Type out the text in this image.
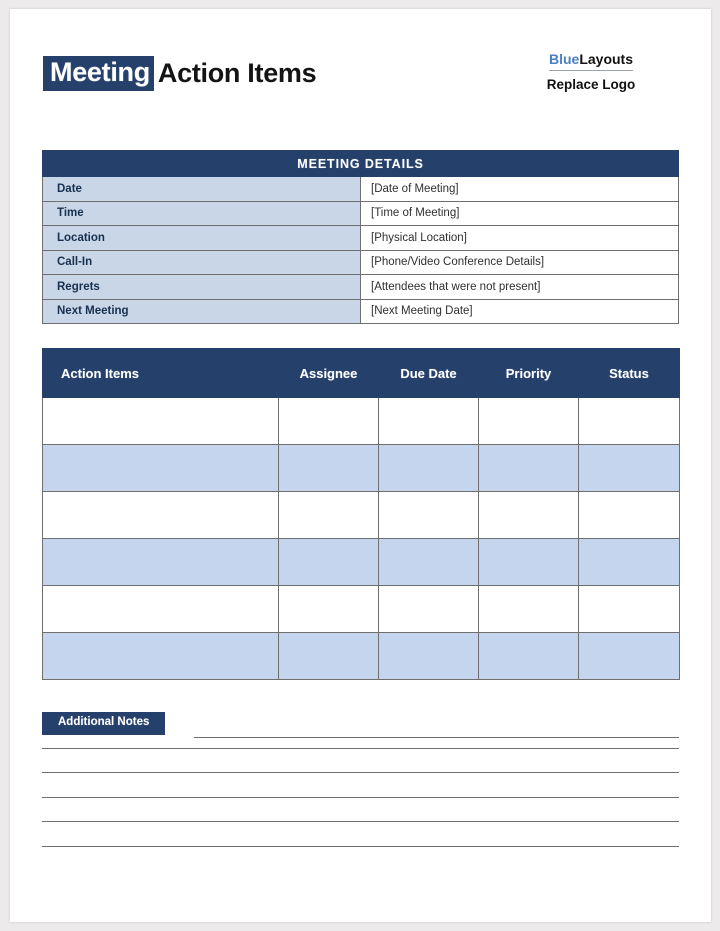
Meeting Action Items	BlueLayouts
Replace Logo
MEETING DETAILS	
Date	[Date of Meeting]
Time	[Time of Meeting]
Location	[Physical Location]
Call-In	[Phone/Video Conference Details]
Regrets	[Attendees that were not present]
Next Meeting	[Next Meeting Date]
Action Items	Assignee	Due Date	Priority	Status

Additional Notes
